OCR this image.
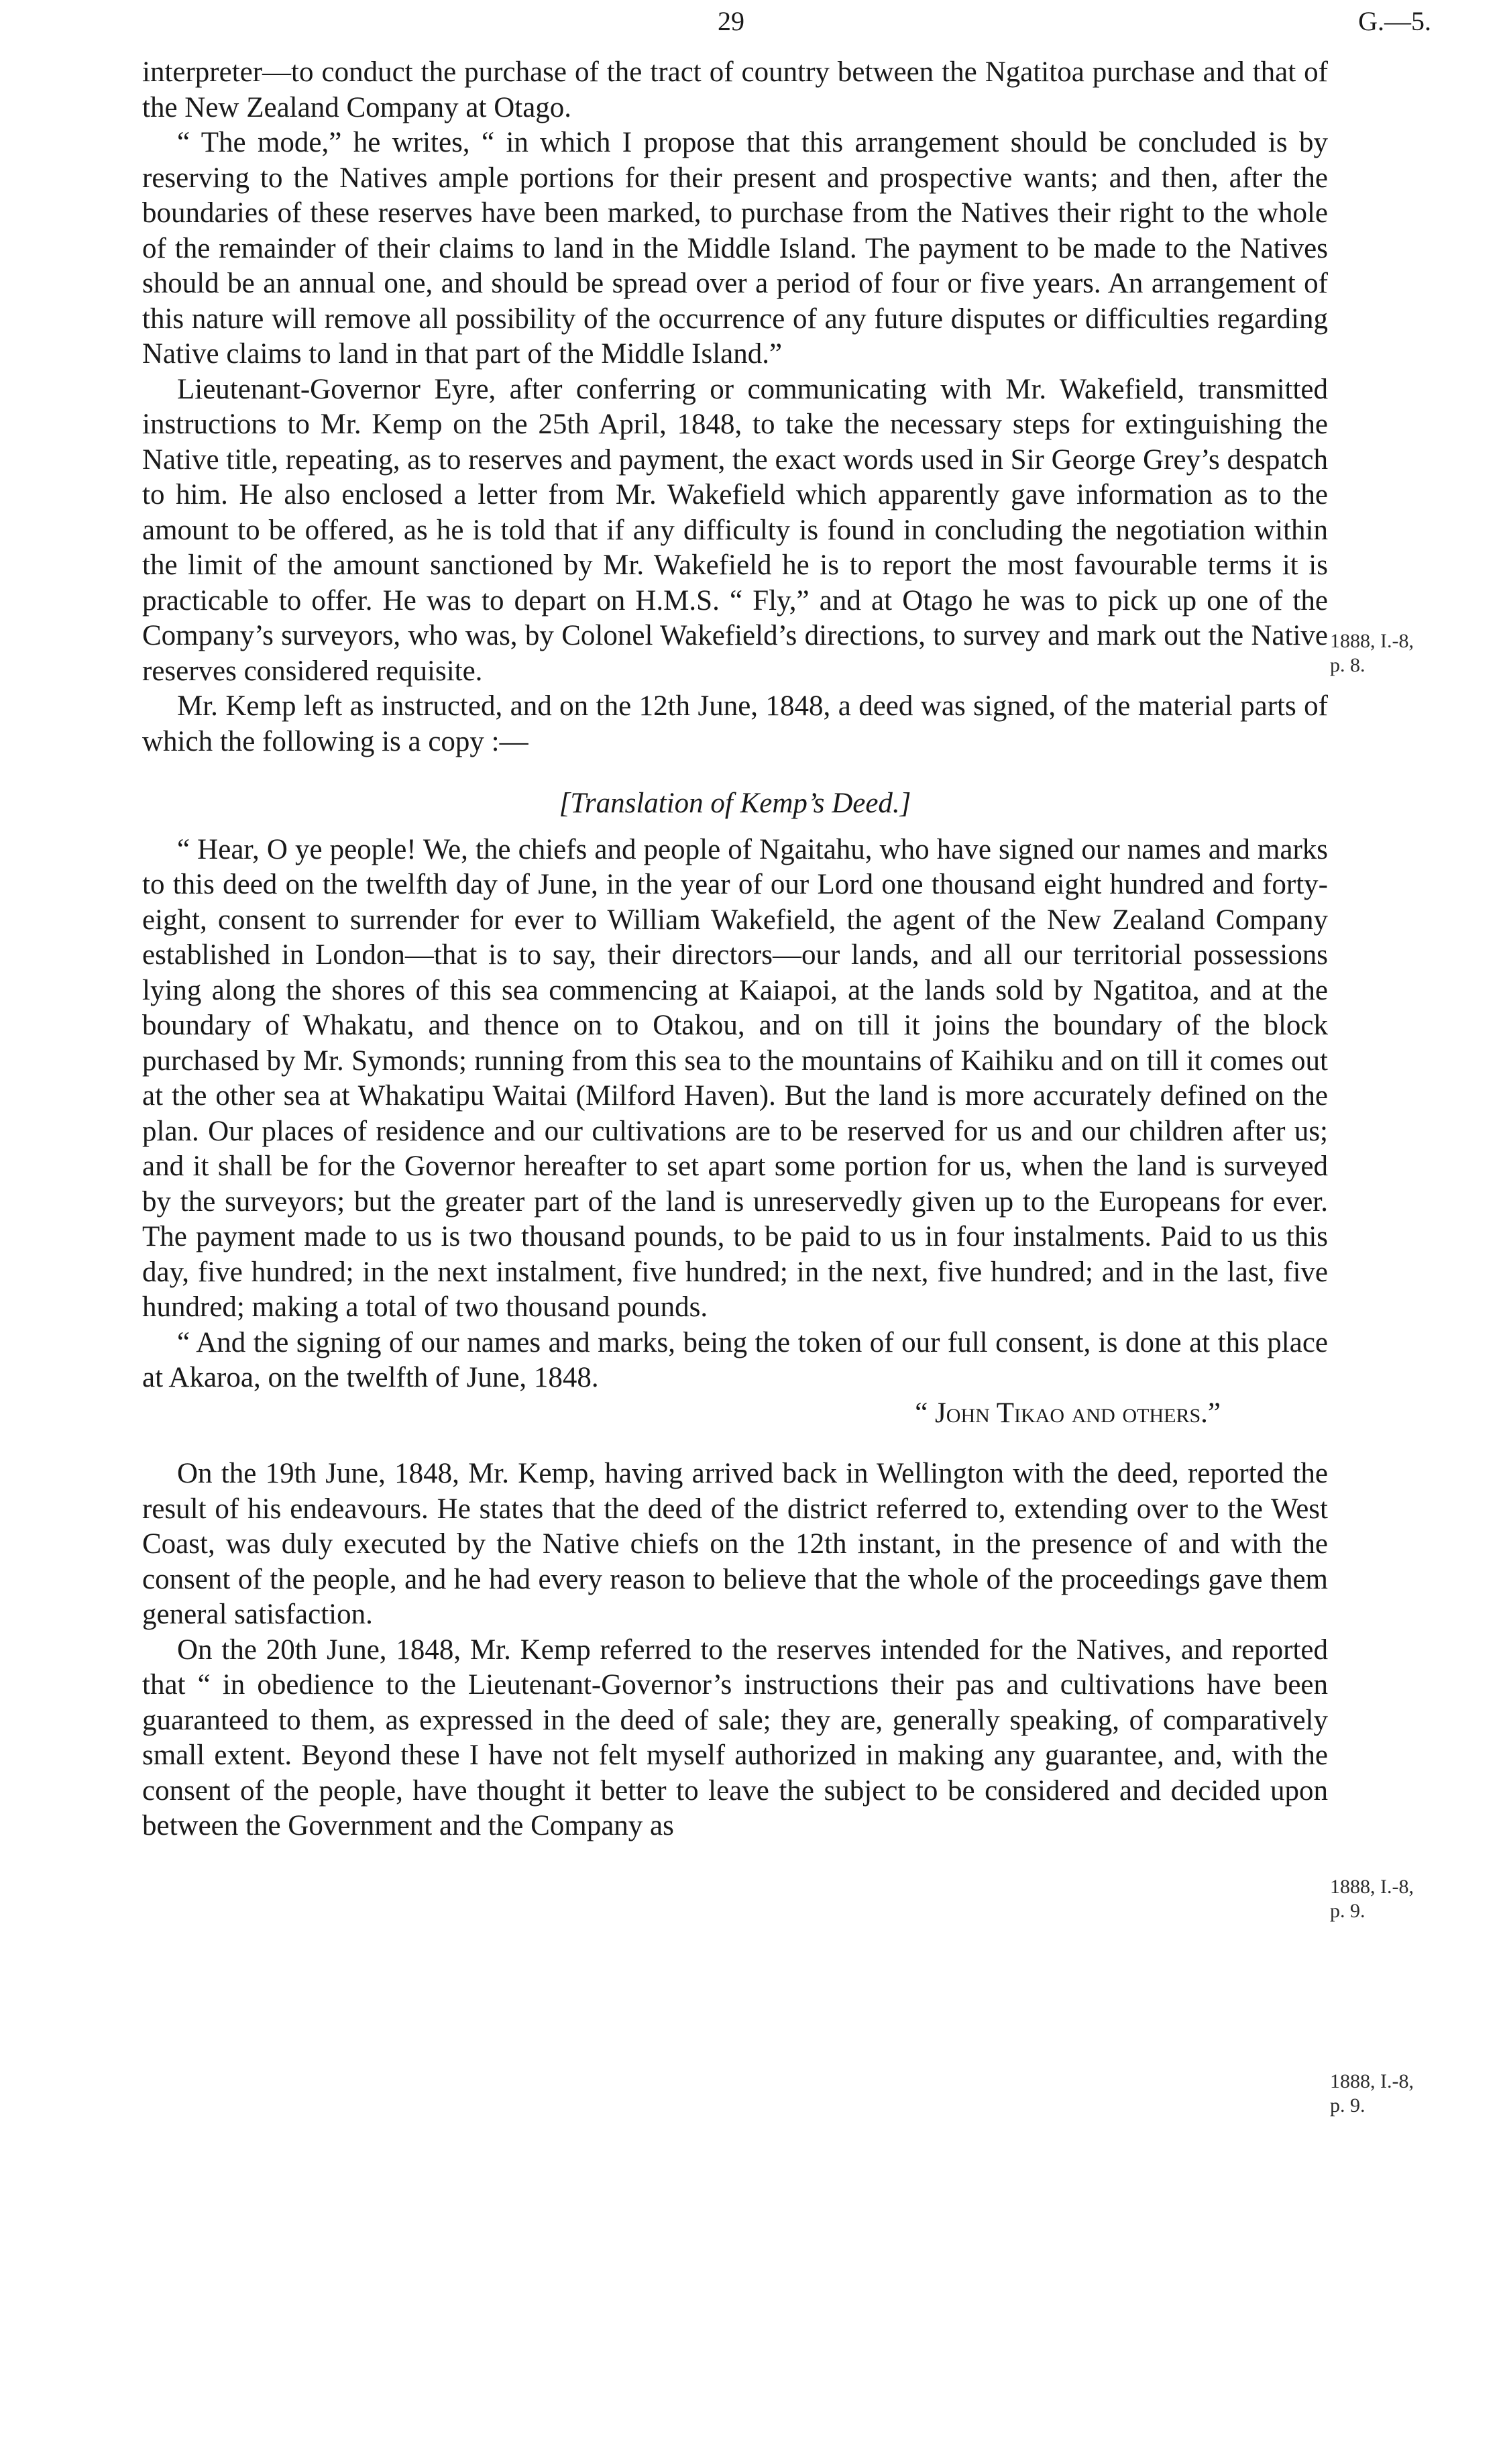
29	G.—5.

interpreter—to conduct the purchase of the tract of country between the Ngatitoa purchase and that of the New Zealand Company at Otago.

“ The mode,” he writes, “ in which I propose that this arrangement should be concluded is by reserving to the Natives ample portions for their present and prospective wants; and then, after the boundaries of these reserves have been marked, to purchase from the Natives their right to the whole of the remainder of their claims to land in the Middle Island. The payment to be made to the Natives should be an annual one, and should be spread over a period of four or five years. An arrangement of this nature will remove all possibility of the occurrence of any future disputes or difficulties regarding Native claims to land in that part of the Middle Island.”

Lieutenant-Governor Eyre, after conferring or communicating with Mr. Wakefield, transmitted instructions to Mr. Kemp on the 25th April, 1848, to take the necessary steps for extinguishing the Native title, repeating, as to reserves and payment, the exact words used in Sir George Grey’s despatch to him. He also enclosed a letter from Mr. Wakefield which apparently gave information as to the amount to be offered, as he is told that if any difficulty is found in concluding the negotiation within the limit of the amount sanctioned by Mr. Wakefield he is to report the most favourable terms it is practicable to offer. He was to depart on H.M.S. “ Fly,” and at Otago he was to pick up one of the Company’s surveyors, who was, by Colonel Wakefield’s directions, to survey and mark out the Native reserves considered requisite.

Mr. Kemp left as instructed, and on the 12th June, 1848, a deed was signed, of the material parts of which the following is a copy :—

[Translation of Kemp’s Deed.]

“ Hear, O ye people! We, the chiefs and people of Ngaitahu, who have signed our names and marks to this deed on the twelfth day of June, in the year of our Lord one thousand eight hundred and forty-eight, consent to surrender for ever to William Wakefield, the agent of the New Zealand Company established in London—that is to say, their directors—our lands, and all our territorial possessions lying along the shores of this sea commencing at Kaiapoi, at the lands sold by Ngatitoa, and at the boundary of Whakatu, and thence on to Otakou, and on till it joins the boundary of the block purchased by Mr. Symonds; running from this sea to the mountains of Kaihiku and on till it comes out at the other sea at Whakatipu Waitai (Milford Haven). But the land is more accurately defined on the plan. Our places of residence and our cultivations are to be reserved for us and our children after us; and it shall be for the Governor hereafter to set apart some portion for us, when the land is surveyed by the surveyors; but the greater part of the land is unreservedly given up to the Europeans for ever. The payment made to us is two thousand pounds, to be paid to us in four instalments. Paid to us this day, five hundred; in the next instalment, five hundred; in the next, five hundred; and in the last, five hundred; making a total of two thousand pounds.

“ And the signing of our names and marks, being the token of our full consent, is done at this place at Akaroa, on the twelfth of June, 1848.

“ John Tikao and others.”

On the 19th June, 1848, Mr. Kemp, having arrived back in Wellington with the deed, reported the result of his endeavours. He states that the deed of the district referred to, extending over to the West Coast, was duly executed by the Native chiefs on the 12th instant, in the presence of and with the consent of the people, and he had every reason to believe that the whole of the proceedings gave them general satisfaction.

On the 20th June, 1848, Mr. Kemp referred to the reserves intended for the Natives, and reported that “ in obedience to the Lieutenant-Governor’s instructions their pas and cultivations have been guaranteed to them, as expressed in the deed of sale; they are, generally speaking, of comparatively small extent. Beyond these I have not felt myself authorized in making any guarantee, and, with the consent of the people, have thought it better to leave the subject to be considered and decided upon between the Government and the Company as

1888, I.-8,
p. 8.
1888, I.-8,
p. 9.
1888, I.-8,
p. 9.
